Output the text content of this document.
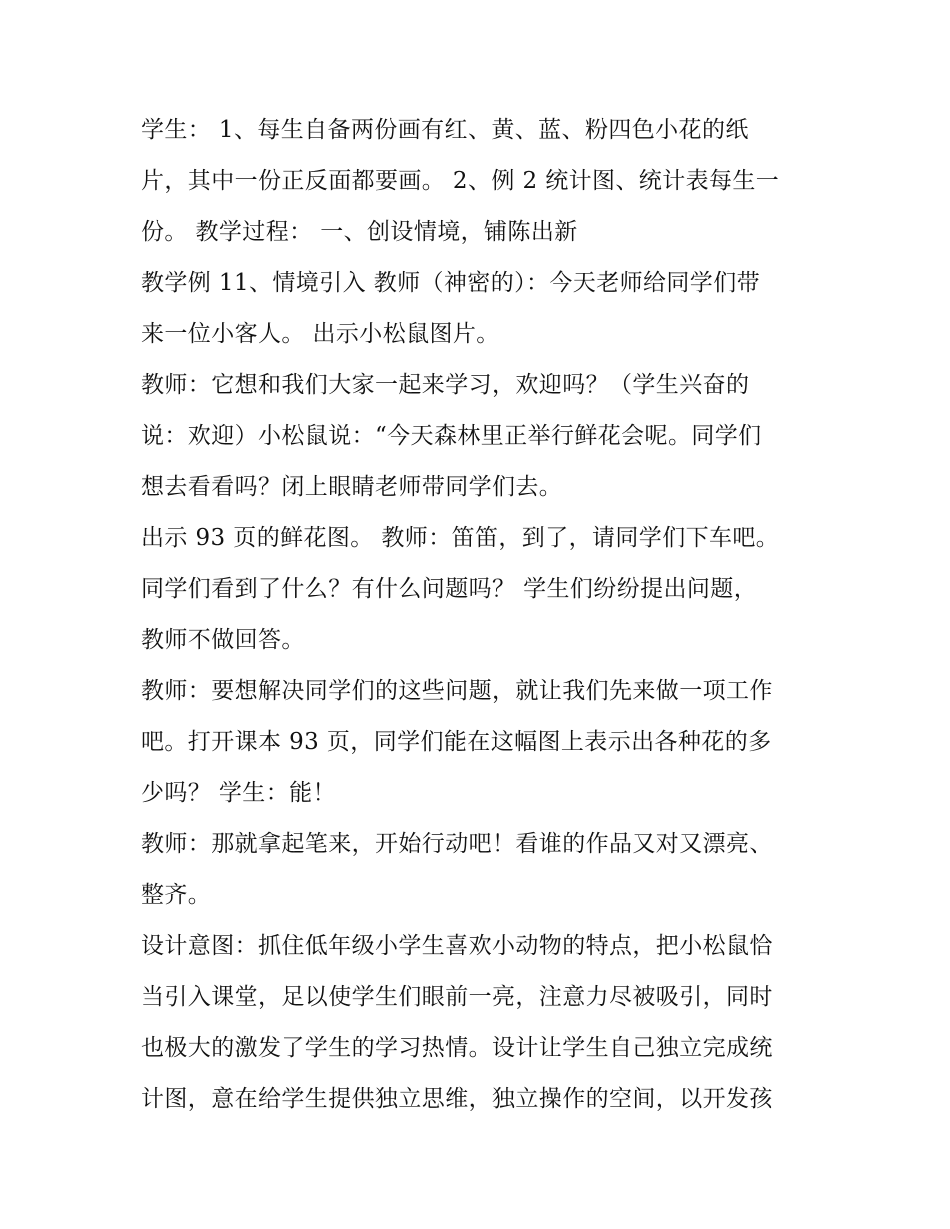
学生： 1、每生自备两份画有红、黄、蓝、粉四色小花的纸
片，其中一份正反面都要画。 2、例 2 统计图、统计表每生一
份。 教学过程： 一、创设情境，铺陈出新
教学例 11、情境引入 教师（神密的）：今天老师给同学们带
来一位小客人。 出示小松鼠图片。
教师：它想和我们大家一起来学习，欢迎吗？（学生兴奋的
说：欢迎）小松鼠说：“今天森林里正举行鲜花会呢。同学们
想去看看吗？闭上眼睛老师带同学们去。
出示 93 页的鲜花图。 教师：笛笛，到了，请同学们下车吧。
同学们看到了什么？有什么问题吗？ 学生们纷纷提出问题，
教师不做回答。
教师：要想解决同学们的这些问题，就让我们先来做一项工作
吧。打开课本 93 页，同学们能在这幅图上表示出各种花的多
少吗？ 学生：能！
教师：那就拿起笔来，开始行动吧！看谁的作品又对又漂亮、
整齐。
设计意图：抓住低年级小学生喜欢小动物的特点，把小松鼠恰
当引入课堂，足以使学生们眼前一亮，注意力尽被吸引，同时
也极大的激发了学生的学习热情。设计让学生自己独立完成统
计图，意在给学生提供独立思维，独立操作的空间，以开发孩
